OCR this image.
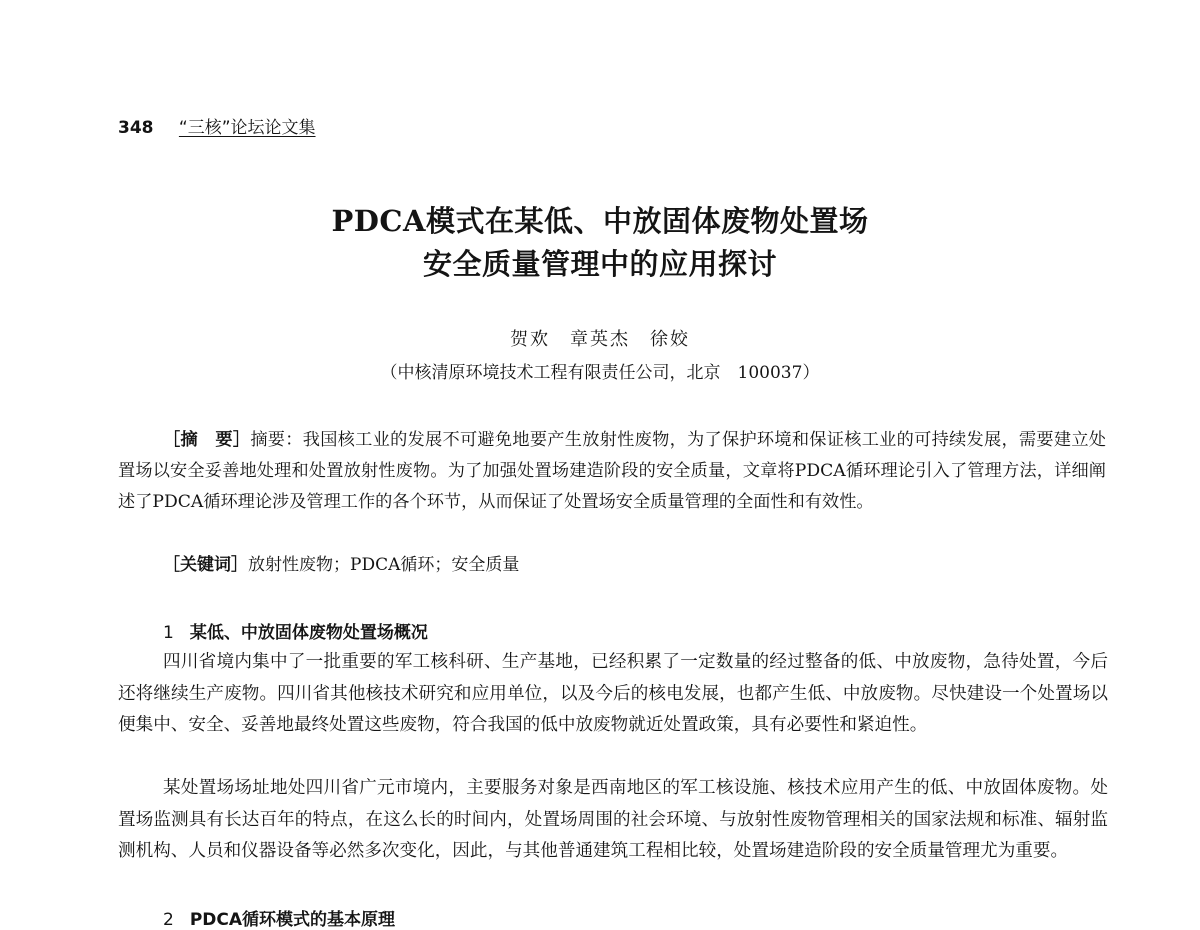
348 “三核”论坛论文集
PDCA模式在某低、中放固体废物处置场
安全质量管理中的应用探讨
贺欢　章英杰　徐姣
（中核清原环境技术工程有限责任公司，北京　100037）

［摘　要］摘要：我国核工业的发展不可避免地要产生放射性废物，为了保护环境和保证核工业的可持续发展，需要建立处置场以安全妥善地处理和处置放射性废物。为了加强处置场建造阶段的安全质量，文章将PDCA循环理论引入了管理方法，详细阐述了PDCA循环理论涉及管理工作的各个环节，从而保证了处置场安全质量管理的全面性和有效性。

［关键词］放射性废物；PDCA循环；安全质量
1 某低、中放固体废物处置场概况

四川省境内集中了一批重要的军工核科研、生产基地，已经积累了一定数量的经过整备的低、中放废物，急待处置，今后还将继续生产废物。四川省其他核技术研究和应用单位，以及今后的核电发展，也都产生低、中放废物。尽快建设一个处置场以便集中、安全、妥善地最终处置这些废物，符合我国的低中放废物就近处置政策，具有必要性和紧迫性。

某处置场场址地处四川省广元市境内，主要服务对象是西南地区的军工核设施、核技术应用产生的低、中放固体废物。处置场监测具有长达百年的特点，在这么长的时间内，处置场周围的社会环境、与放射性废物管理相关的国家法规和标准、辐射监测机构、人员和仪器设备等必然多次变化，因此，与其他普通建筑工程相比较，处置场建造阶段的安全质量管理尤为重要。

2 PDCA循环模式的基本原理
